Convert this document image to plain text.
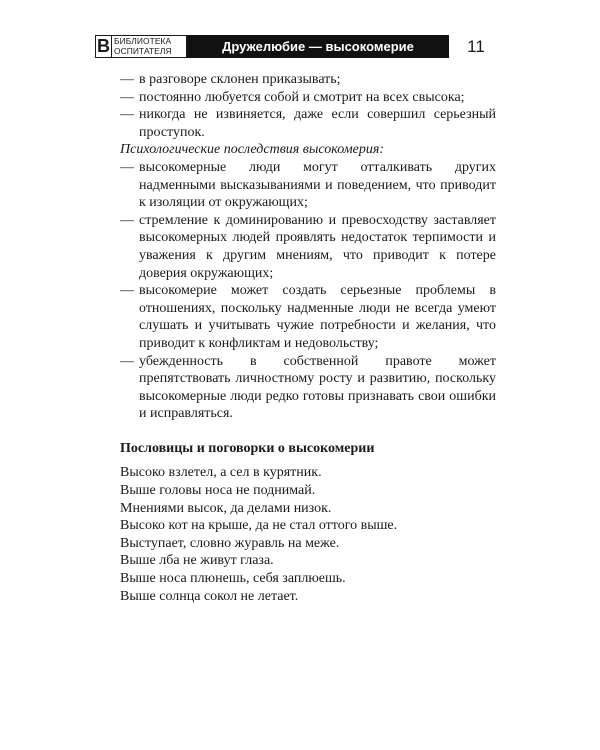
В БИБЛИОТЕКА
ОСПИТАТЕЛЯ	Дружелюбие — высокомерие	11
— в разговоре склонен приказывать;
— постоянно любуется собой и смотрит на всех свысока;
— никогда не извиняется, даже если совершил серьезный проступок.

Психологические последствия высокомерия:

— высокомерные люди могут отталкивать других надменными высказываниями и поведением, что приводит к изоляции от окружающих;
— стремление к доминированию и превосходству заставляет высокомерных людей проявлять недостаток терпимости и уважения к другим мнениям, что приводит к потере доверия окружающих;
— высокомерие может создать серьезные проблемы в отношениях, поскольку надменные люди не всегда умеют слушать и учитывать чужие потребности и желания, что приводит к конфликтам и недовольству;
— убежденность в собственной правоте может препятствовать личностному росту и развитию, поскольку высокомерные люди редко готовы признавать свои ошибки и исправляться.

Пословицы и поговорки о высокомерии

Высоко взлетел, а сел в курятник.

Выше головы носа не поднимай.

Мнениями высок, да делами низок.

Высоко кот на крыше, да не стал оттого выше.

Выступает, словно журавль на меже.

Выше лба не живут глаза.

Выше носа плюнешь, себя заплюешь.

Выше солнца сокол не летает.
